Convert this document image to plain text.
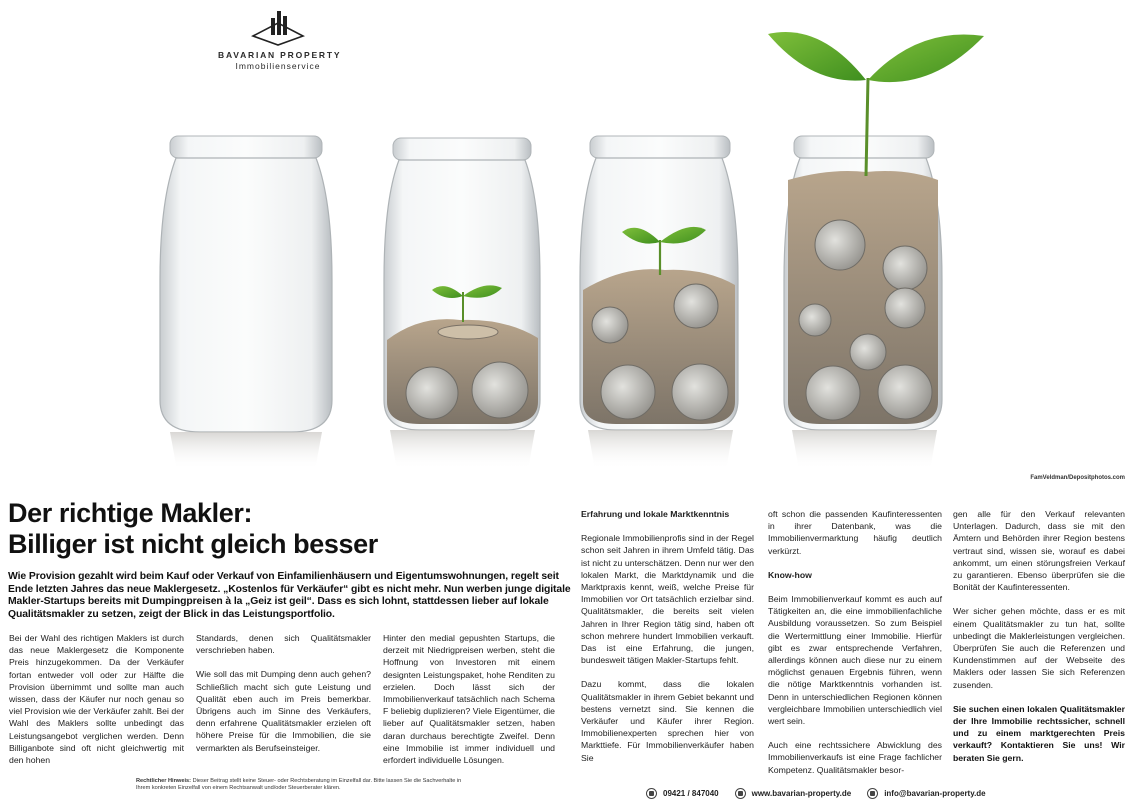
BAVARIAN PROPERTY
Immobilienservice
FamVeldman/Depositphotos.com
Der richtige Makler:
Billiger ist nicht gleich besser

Wie Provision gezahlt wird beim Kauf oder Verkauf von Einfamilienhäusern und Eigentumswohnungen, regelt seit Ende letzten Jahres das neue Maklergesetz. „Kostenlos für Verkäufer“ gibt es nicht mehr. Nun werben junge digitale Makler-Startups bereits mit Dumpingpreisen à la „Geiz ist geil“. Dass es sich lohnt, stattdessen lieber auf lokale Qualitätsmakler zu setzen, zeigt der Blick in das Leistungsportfolio.

Bei der Wahl des richtigen Maklers ist durch das neue Maklergesetz die Komponente Preis hinzugekommen. Da der Verkäufer fortan entweder voll oder zur Hälfte die Provision übernimmt und sollte man auch wissen, dass der Käufer nur noch genau so viel Provision wie der Verkäufer zahlt. Bei der Wahl des Maklers sollte unbedingt das Leistungsangebot verglichen werden. Denn Billiganbote sind oft nicht gleichwertig mit den hohen

Standards, denen sich Qualitätsmakler verschrieben haben.

Wie soll das mit Dumping denn auch gehen? Schließlich macht sich gute Leistung und Qualität eben auch im Preis bemerkbar. Übrigens auch im Sinne des Verkäufers, denn erfahrene Qualitätsmakler erzielen oft höhere Preise für die Immobilien, die sie vermarkten als Berufseinsteiger.

Hinter den medial gepushten Startups, die derzeit mit Niedrigpreisen werben, steht die Hoffnung von Investoren mit einem designten Leistungspaket, hohe Renditen zu erzielen. Doch lässt sich der Immobilienverkauf tatsächlich nach Schema F beliebig duplizieren? Viele Eigentümer, die lieber auf Qualitätsmakler setzen, haben daran durchaus berechtigte Zweifel. Denn eine Immobilie ist immer individuell und erfordert individuelle Lösungen.

Erfahrung und lokale Marktkenntnis

Regionale Immobilienprofis sind in der Regel schon seit Jahren in ihrem Umfeld tätig. Das ist nicht zu unterschätzen. Denn nur wer den lokalen Markt, die Marktdynamik und die Marktpraxis kennt, weiß, welche Preise für Immobilien vor Ort tatsächlich erzielbar sind. Qualitätsmakler, die bereits seit vielen Jahren in Ihrer Region tätig sind, haben oft schon mehrere hundert Immobilien verkauft. Das ist eine Erfahrung, die jungen, bundesweit tätigen Makler-Startups fehlt.

Dazu kommt, dass die lokalen Qualitätsmakler in ihrem Gebiet bekannt und bestens vernetzt sind. Sie kennen die Verkäufer und Käufer ihrer Region. Immobilienexperten sprechen hier von Markttiefe. Für Immobilienverkäufer haben Sie

oft schon die passenden Kaufinteressenten in ihrer Datenbank, was die Immobilienvermarktung häufig deutlich verkürzt.

Know-how

Beim Immobilienverkauf kommt es auch auf Tätigkeiten an, die eine immobilienfachliche Ausbildung voraussetzen. So zum Beispiel die Wertermittlung einer Immobilie. Hierfür gibt es zwar entsprechende Verfahren, allerdings können auch diese nur zu einem möglichst genauen Ergebnis führen, wenn die nötige Marktkenntnis vorhanden ist. Denn in unterschiedlichen Regionen können vergleichbare Immobilien unterschiedlich viel wert sein.

Auch eine rechtssichere Abwicklung des Immobilienverkaufs ist eine Frage fachlicher Kompetenz. Qualitätsmakler besor-

gen alle für den Verkauf relevanten Unterlagen. Dadurch, dass sie mit den Ämtern und Behörden ihrer Region bestens vertraut sind, wissen sie, worauf es dabei ankommt, um einen störungsfreien Verkauf zu garantieren. Ebenso überprüfen sie die Bonität der Kaufinteressenten.

Wer sicher gehen möchte, dass er es mit einem Qualitätsmakler zu tun hat, sollte unbedingt die Maklerleistungen vergleichen. Überprüfen Sie auch die Referenzen und Kundenstimmen auf der Webseite des Maklers oder lassen Sie sich Referenzen zusenden.

Sie suchen einen lokalen Qualitätsmakler der Ihre Immobilie rechtssicher, schnell und zu einem marktgerechten Preis verkauft? Kontaktieren Sie uns! Wir beraten Sie gern.

Rechtlicher Hinweis: Dieser Beitrag stellt keine Steuer- oder Rechtsberatung im Einzelfall dar. Bitte lassen Sie die Sachverhalte in Ihrem konkreten Einzelfall von einem Rechtsanwalt und/oder Steuerberater klären.
09421 / 847040	www.bavarian-property.de	info@bavarian-property.de
